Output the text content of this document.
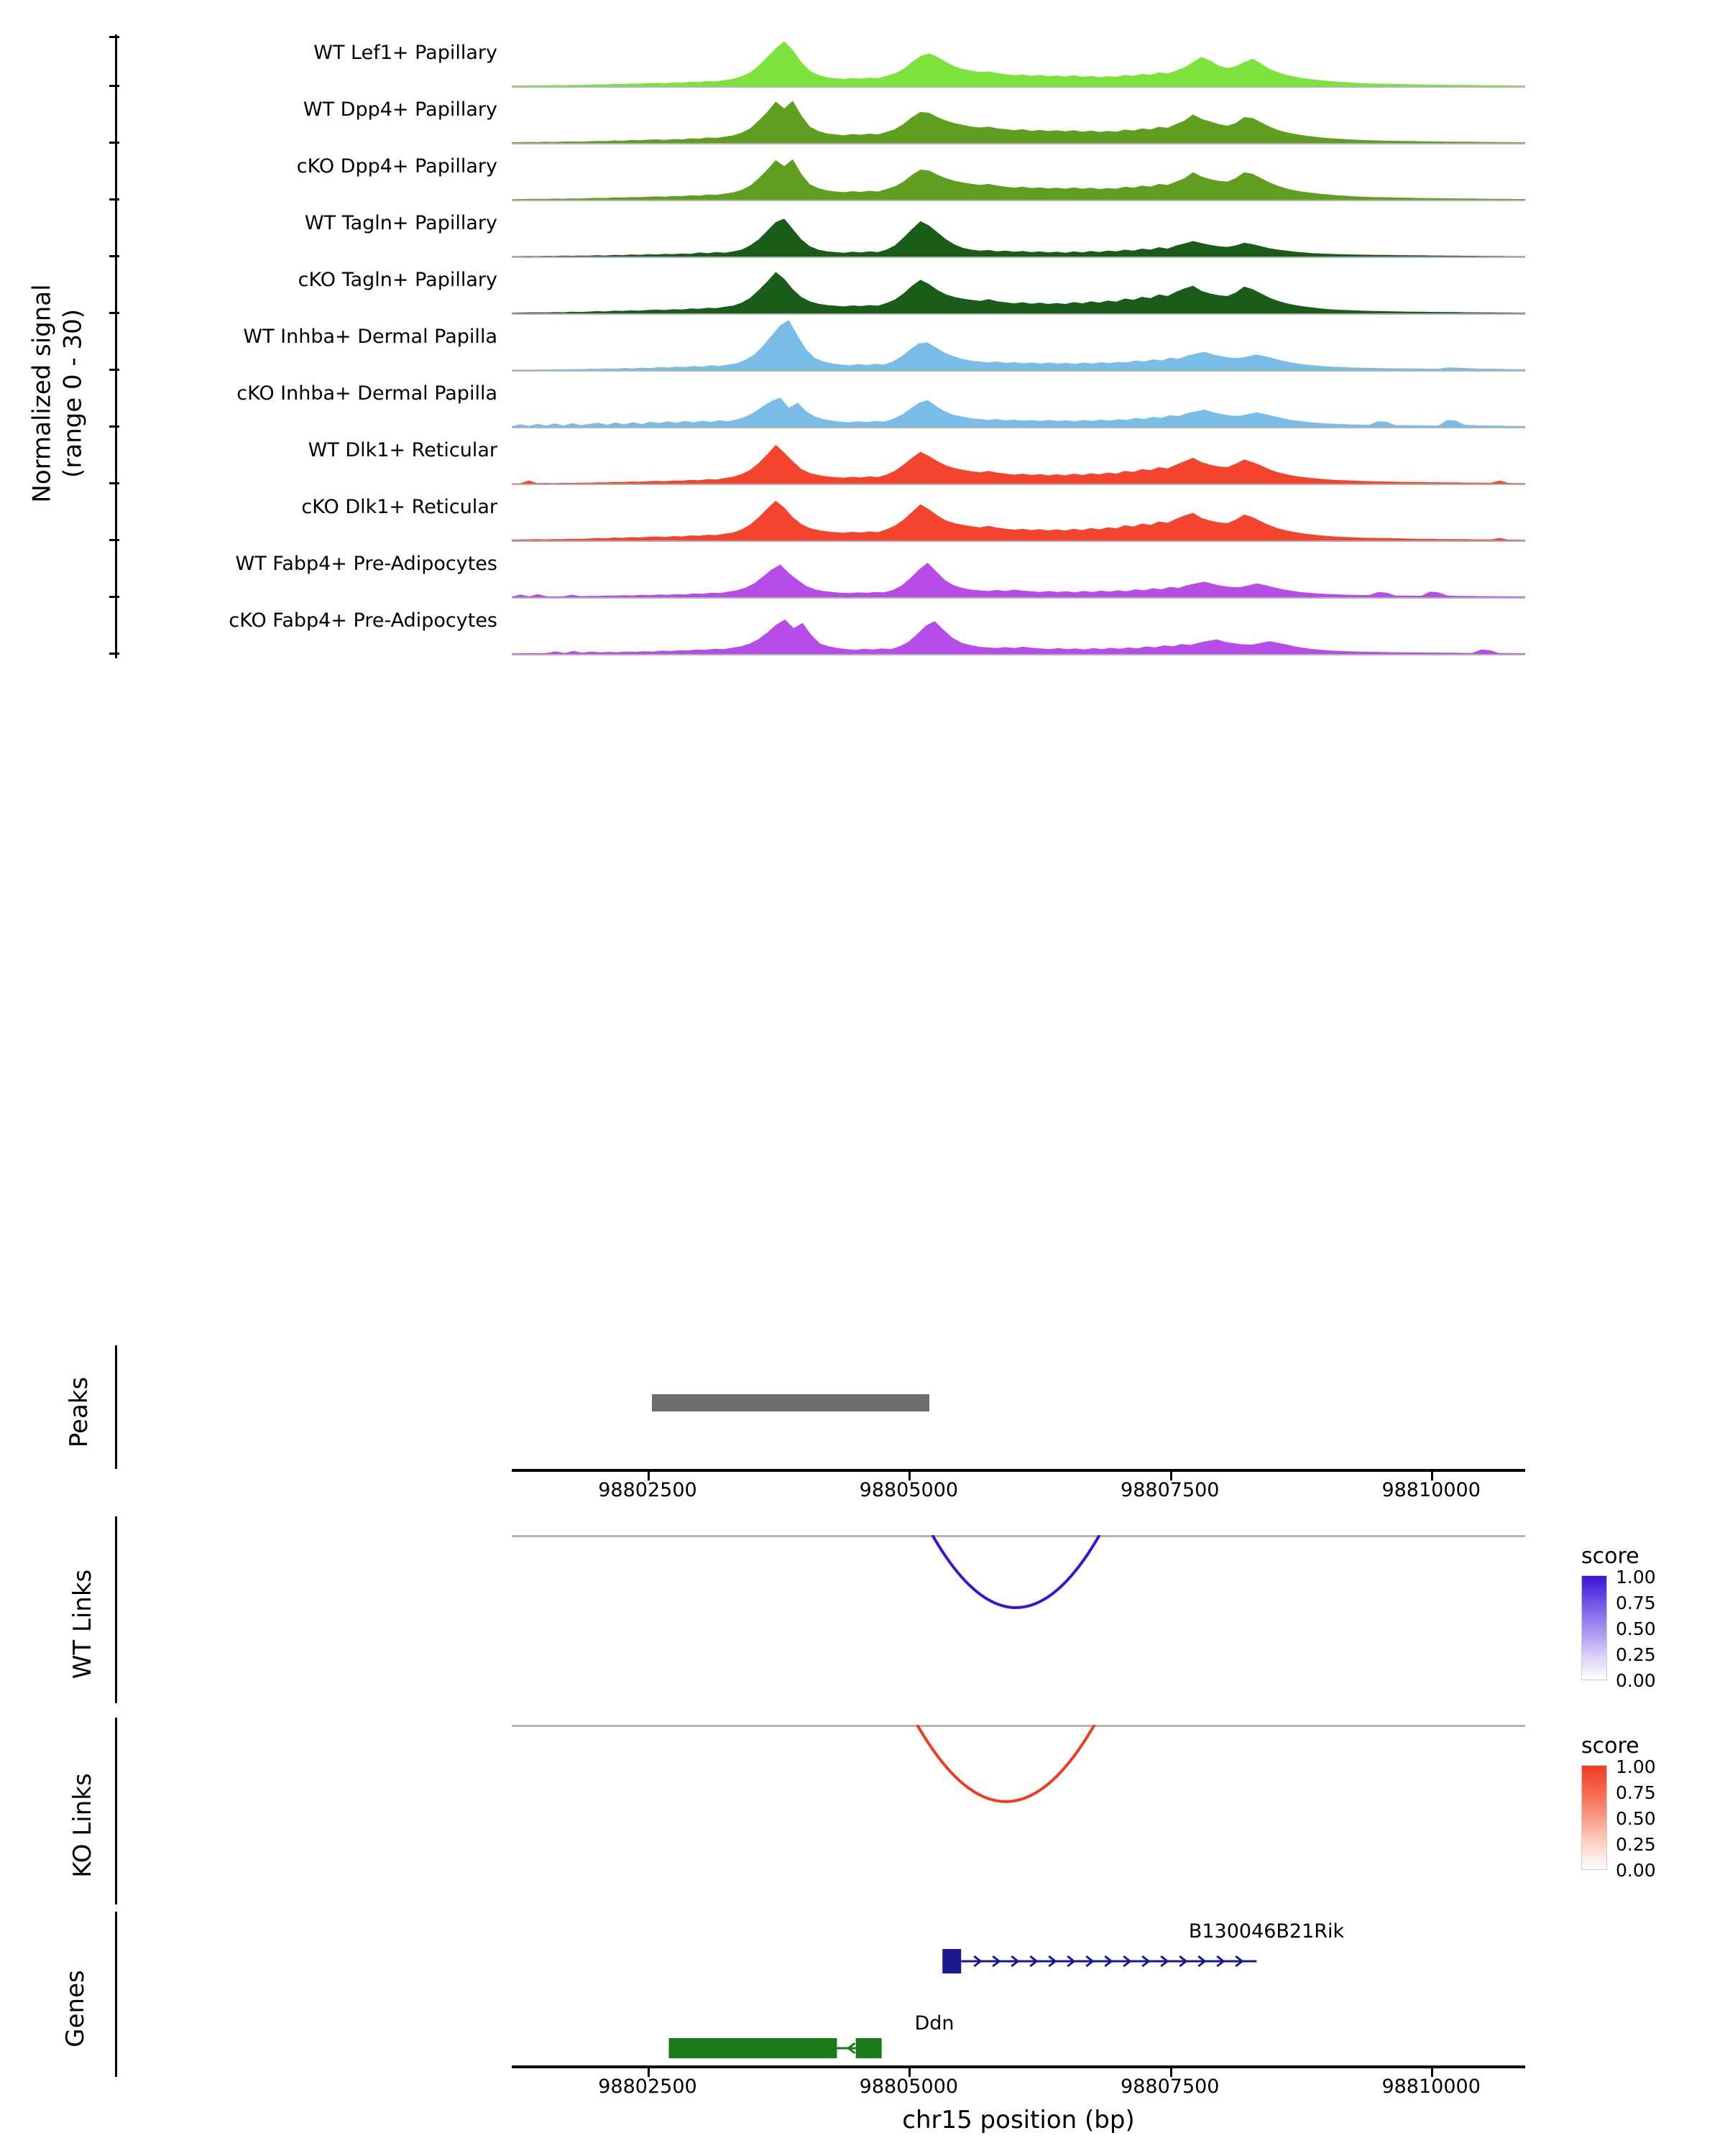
Normalized signal (range 0 - 30)
WT Lef1+ Papillary
WT Dpp4+ Papillary
cKO Dpp4+ Papillary
WT Tagln+ Papillary
cKO Tagln+ Papillary
WT Inhba+ Dermal Papilla
cKO Inhba+ Dermal Papilla
WT Dlk1+ Reticular
cKO Dlk1+ Reticular
WT Fabp4+ Pre-Adipocytes
cKO Fabp4+ Pre-Adipocytes
Peaks
98802500	98805000	98807500	98810000
WT Links
score
1.00
0.75
0.50
0.25
0.00
KO Links
score
1.00
0.75
0.50
0.25
0.00
Genes
B130046B21Rik
Ddn
98802500	98805000	98807500	98810000
chr15 position (bp)
